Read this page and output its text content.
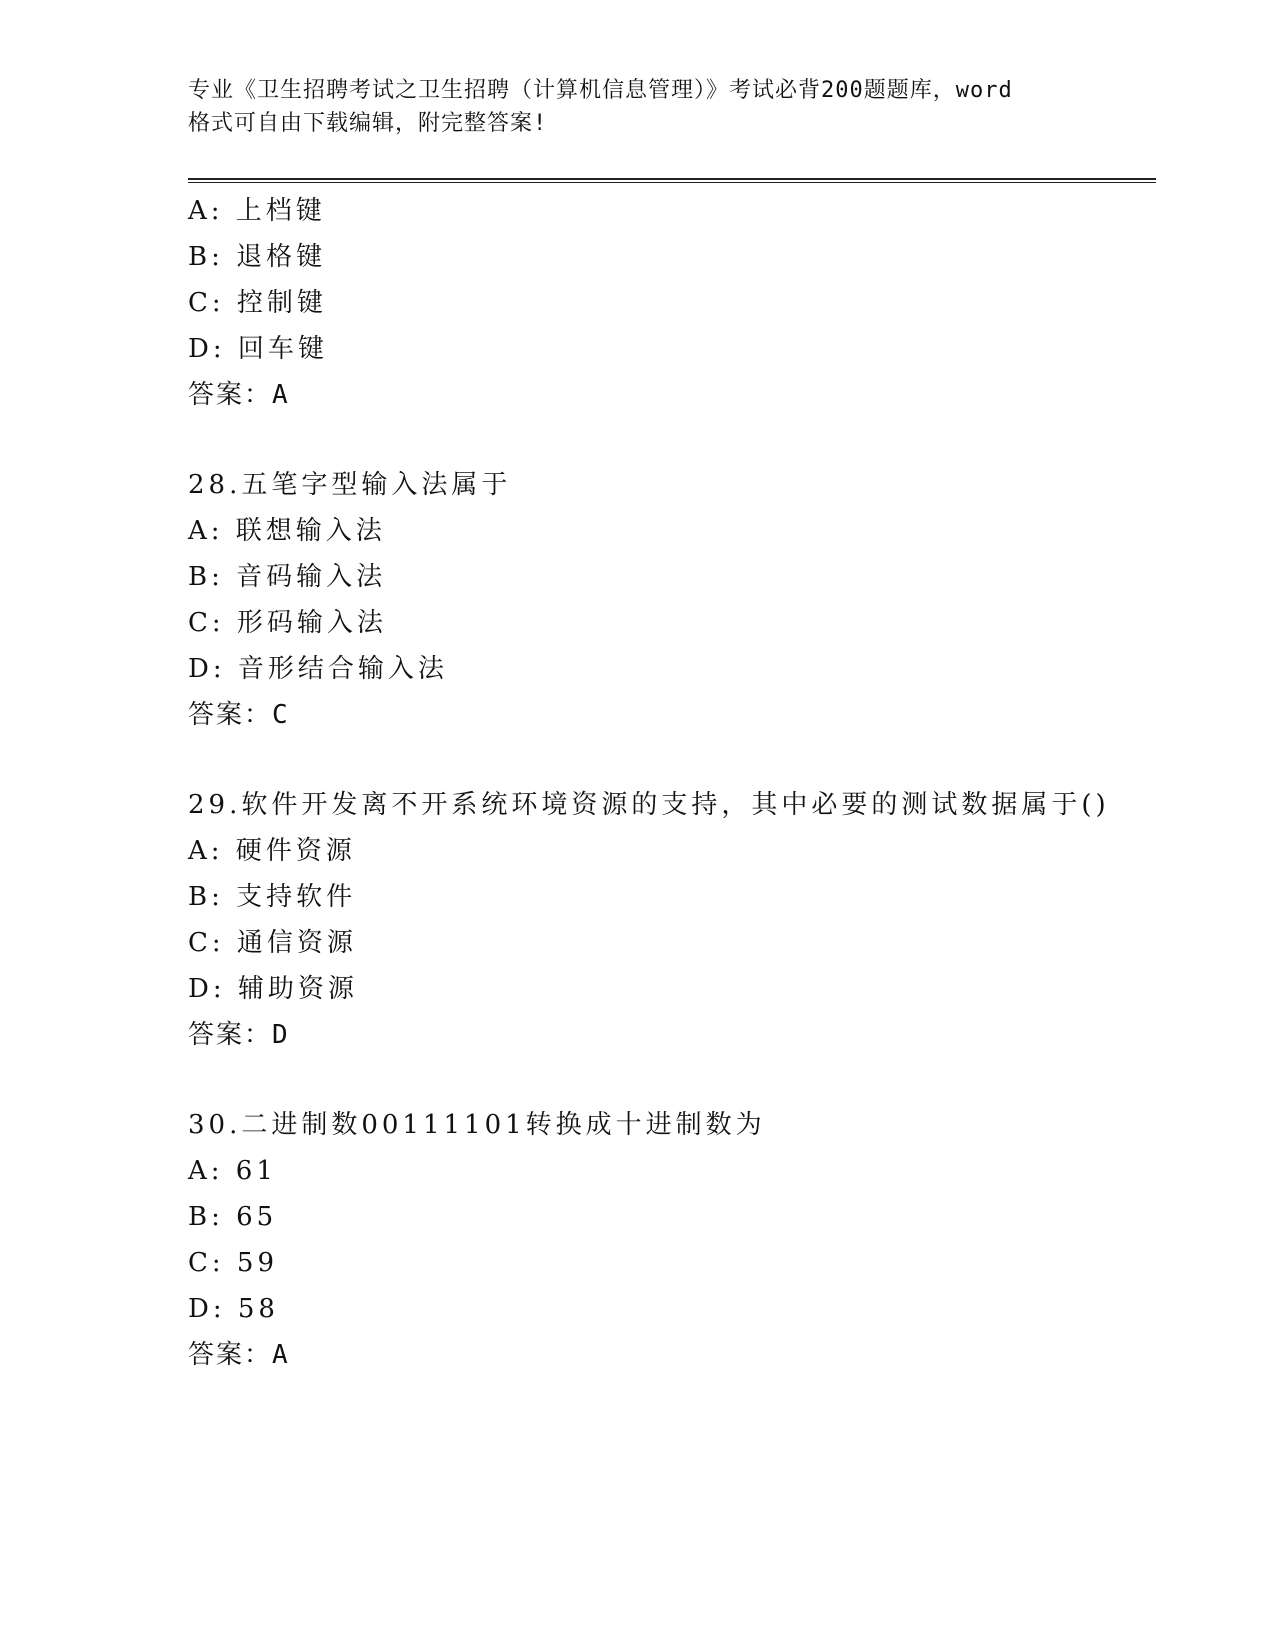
专业《卫生招聘考试之卫生招聘（计算机信息管理）》考试必背200题题库，word
格式可自由下载编辑，附完整答案!
A: 上档键
B: 退格键
C: 控制键
D: 回车键
答案：A
28.五笔字型输入法属于
A: 联想输入法
B: 音码输入法
C: 形码输入法
D: 音形结合输入法
答案：C
29.软件开发离不开系统环境资源的支持，其中必要的测试数据属于()
A: 硬件资源
B: 支持软件
C: 通信资源
D: 辅助资源
答案：D
30.二进制数00111101转换成十进制数为
A: 61
B: 65
C: 59
D: 58
答案：A
